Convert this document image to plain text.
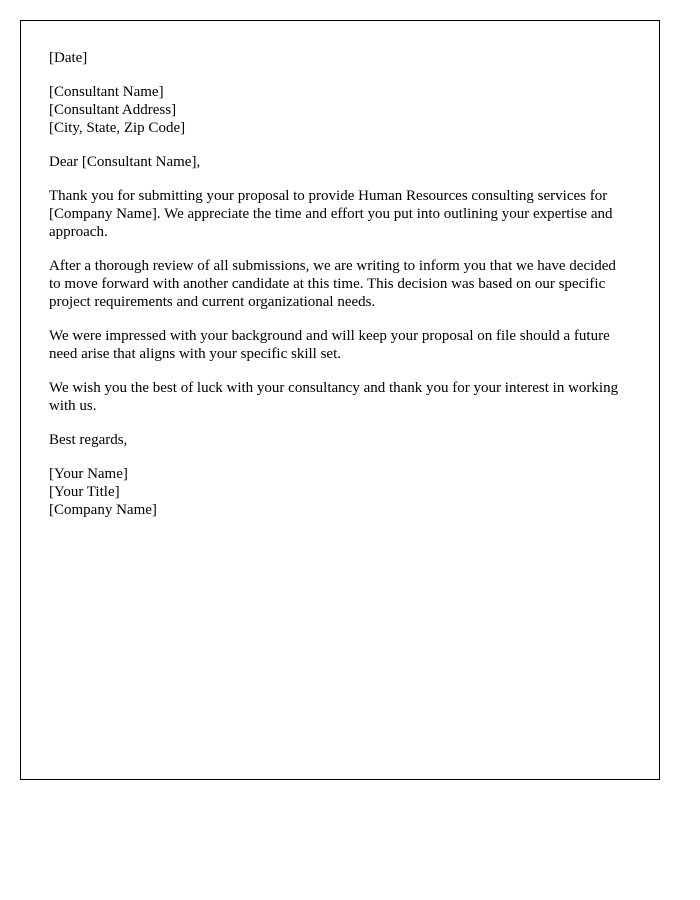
[Date]
[Consultant Name]
[Consultant Address]
[City, State, Zip Code]

Dear [Consultant Name],

Thank you for submitting your proposal to provide Human Resources consulting services for [Company Name]. We appreciate the time and effort you put into outlining your expertise and approach.

After a thorough review of all submissions, we are writing to inform you that we have decided to move forward with another candidate at this time. This decision was based on our specific project requirements and current organizational needs.

We were impressed with your background and will keep your proposal on file should a future need arise that aligns with your specific skill set.

We wish you the best of luck with your consultancy and thank you for your interest in working with us.

Best regards,

[Your Name]
[Your Title]
[Company Name]
